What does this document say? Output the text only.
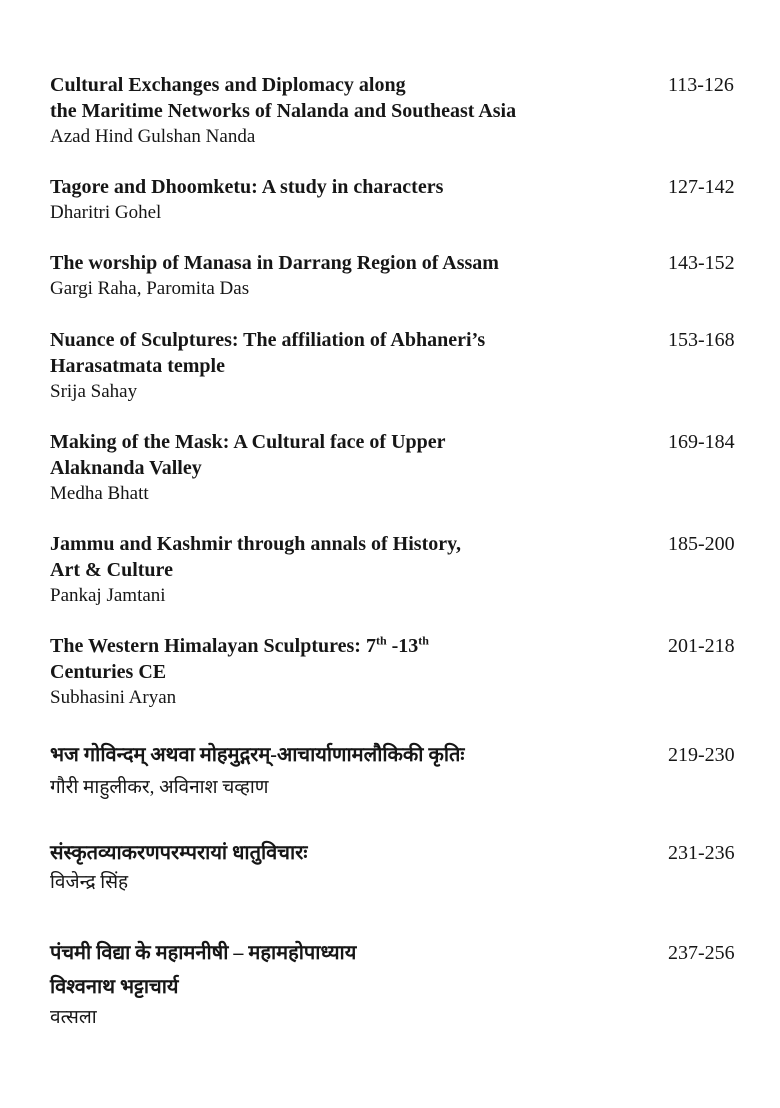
Cultural Exchanges and Diplomacy along
the Maritime Networks of Nalanda and Southeast Asia
Azad Hind Gulshan Nanda
113-126
Tagore and Dhoomketu: A study in characters
Dharitri Gohel
127-142
The worship of Manasa in Darrang Region of Assam
Gargi Raha, Paromita Das
143-152
Nuance of Sculptures: The affiliation of Abhaneri’s
Harasatmata temple
Srija Sahay
153-168
Making of the Mask: A Cultural face of Upper
Alaknanda Valley
Medha Bhatt
169-184
Jammu and Kashmir through annals of History,
Art & Culture
Pankaj Jamtani
185-200
The Western Himalayan Sculptures: 7th -13th
Centuries CE
Subhasini Aryan
201-218
भज गोविन्दम् अथवा मोहमुद्गरम्-आचार्याणामलौकिकी कृतिः
गौरी माहुलीकर, अविनाश चव्हाण
219-230
संस्कृतव्याकरणपरम्परायां धातुविचारः
विजेन्द्र सिंह
231-236
पंचमी विद्या के महामनीषी – महामहोपाध्याय
विश्वनाथ भट्टाचार्य
वत्सला
237-256
